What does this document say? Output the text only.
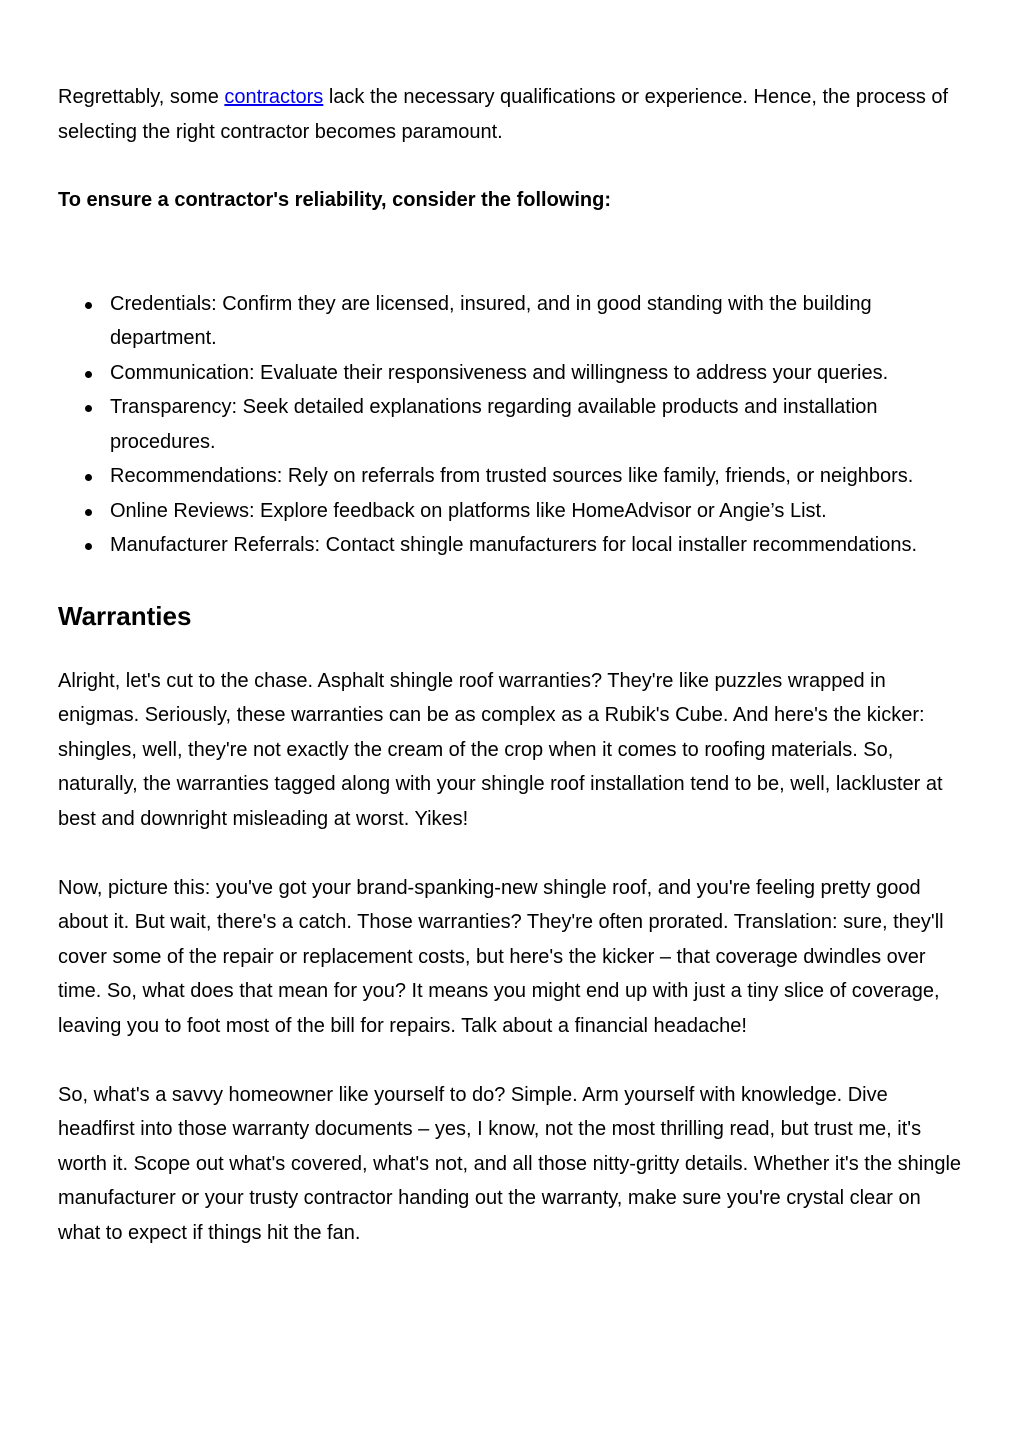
Regrettably, some contractors lack the necessary qualifications or experience. Hence, the process of selecting the right contractor becomes paramount.

To ensure a contractor's reliability, consider the following:

Credentials: Confirm they are licensed, insured, and in good standing with the building department.
Communication: Evaluate their responsiveness and willingness to address your queries.
Transparency: Seek detailed explanations regarding available products and installation procedures.
Recommendations: Rely on referrals from trusted sources like family, friends, or neighbors.
Online Reviews: Explore feedback on platforms like HomeAdvisor or Angie’s List.
Manufacturer Referrals: Contact shingle manufacturers for local installer recommendations.
Warranties

Alright, let's cut to the chase. Asphalt shingle roof warranties? They're like puzzles wrapped in enigmas. Seriously, these warranties can be as complex as a Rubik's Cube. And here's the kicker: shingles, well, they're not exactly the cream of the crop when it comes to roofing materials. So, naturally, the warranties tagged along with your shingle roof installation tend to be, well, lackluster at best and downright misleading at worst. Yikes!

Now, picture this: you've got your brand-spanking-new shingle roof, and you're feeling pretty good about it. But wait, there's a catch. Those warranties? They're often prorated. Translation: sure, they'll cover some of the repair or replacement costs, but here's the kicker – that coverage dwindles over time. So, what does that mean for you? It means you might end up with just a tiny slice of coverage, leaving you to foot most of the bill for repairs. Talk about a financial headache!

So, what's a savvy homeowner like yourself to do? Simple. Arm yourself with knowledge. Dive headfirst into those warranty documents – yes, I know, not the most thrilling read, but trust me, it's worth it. Scope out what's covered, what's not, and all those nitty-gritty details. Whether it's the shingle manufacturer or your trusty contractor handing out the warranty, make sure you're crystal clear on what to expect if things hit the fan.
